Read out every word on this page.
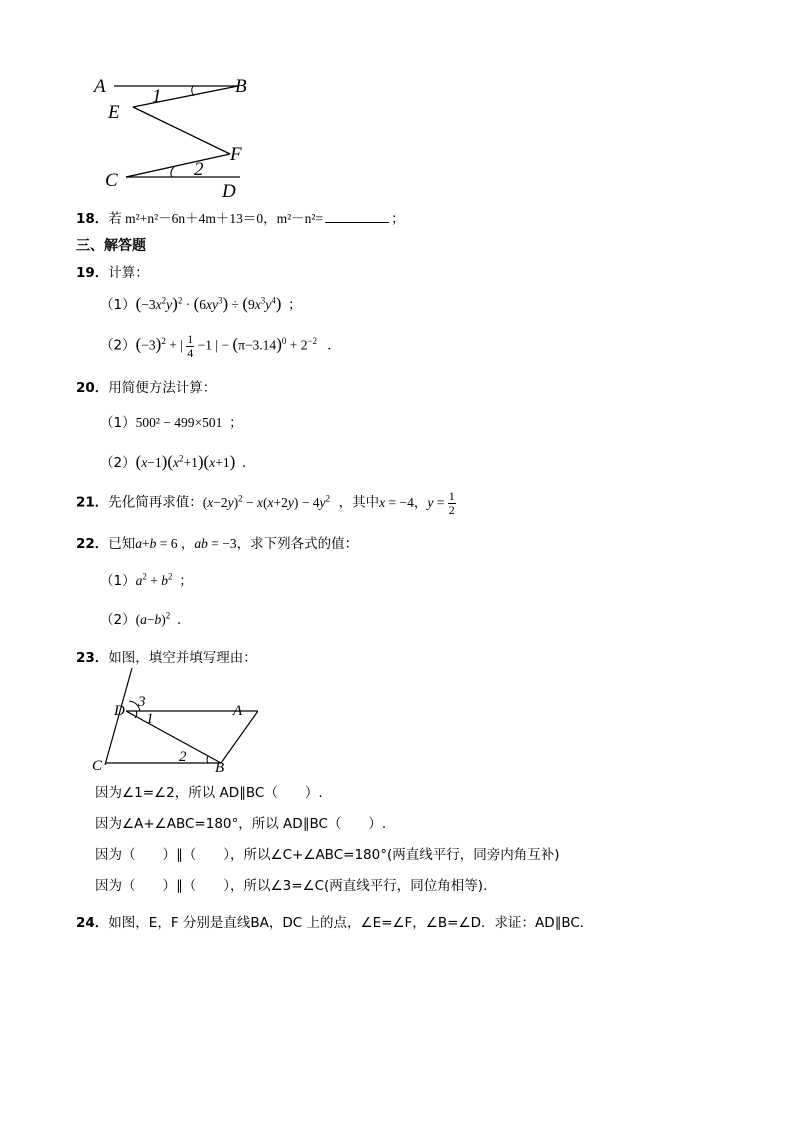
A	B
E
F
C
D
1
2
18．若 m²+n²－6n＋4m＋13＝0，m²－n²=	；
三、解答题
19．计算：
$(1)(-3x^2y)^2 \cdot (6xy^3) \div (9x^3y^4)$ ；
$(2)(-3)^2$ + | $\frac{1}{4} -1$ | − $(\pi-3.14)^0 + 2^{-2}$ ．
20．用简便方法计算：
（1）500² − 499×501 ；
$(2)(x-1)(x^2+1)(x+1)$ ．
21．先化简再求值：$(x-2y)^2 - x(x+2y) - 4y^2$ ，其中x = −4，$y = \frac{1}{2}$
22．已知a+b = 6 ，ab = −3，求下列各式的值：
$(1)a^2 + b^2$ ；
$(2)(a-b)^2$ ．
23．如图，填空并填写理由：
D	A
C	B
3
1
2
因为∠1=∠2，所以 AD∥BC（　　）.
因为∠A+∠ABC=180°，所以 AD∥BC（　　）.
因为（　　）∥（　　），所以∠C+∠ABC=180°(两直线平行，同旁内角互补)
因为（　　）∥（　　），所以∠3=∠C(两直线平行，同位角相等).
24．如图，E，F 分别是直线BA，DC 上的点，∠E=∠F，∠B=∠D．求证：AD∥BC．
